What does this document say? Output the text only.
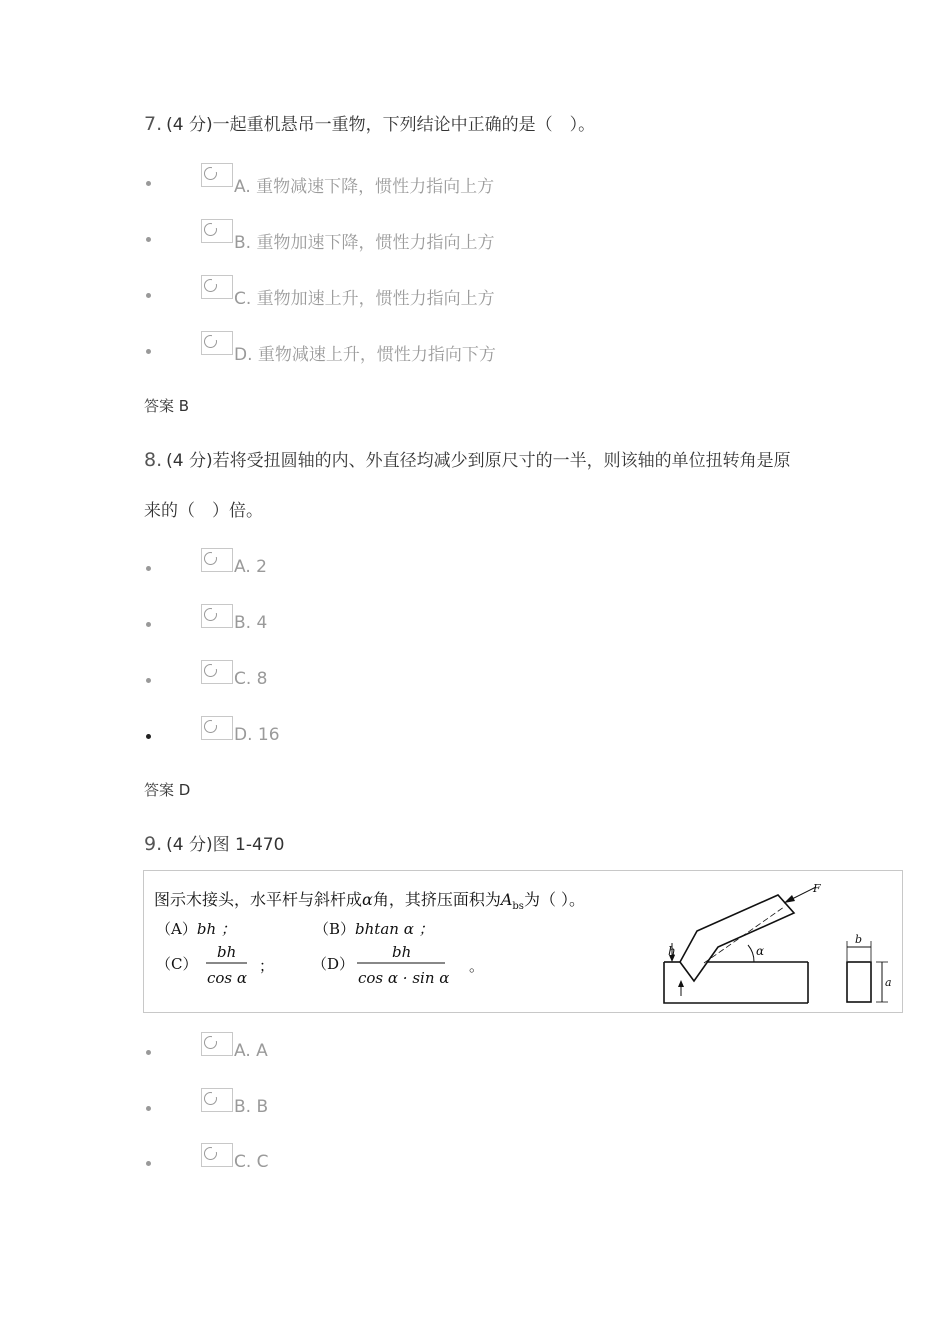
7. (4 分)一起重机悬吊一重物，下列结论中正确的是（　）。
A. 重物减速下降，惯性力指向上方
B. 重物加速下降，惯性力指向上方
C. 重物加速上升，惯性力指向上方
D. 重物减速上升，惯性力指向下方
答案 B
8. (4 分)若将受扭圆轴的内、外直径均减少到原尺寸的一半，则该轴的单位扭转角是原
来的（　）倍。
A. 2
B. 4
C. 8
D. 16
答案 D
9. (4 分)图 1-470
图示木接头，水平杆与斜杆成α角，其挤压面积为$A_{bs}$为（ ）。
（A）bh ；	（B）bhtan α ；
（C）
bh
cos α
；	（D）
bh
cos α · sin α
。
F
α
h
b
a
A. A
B. B
C. C
